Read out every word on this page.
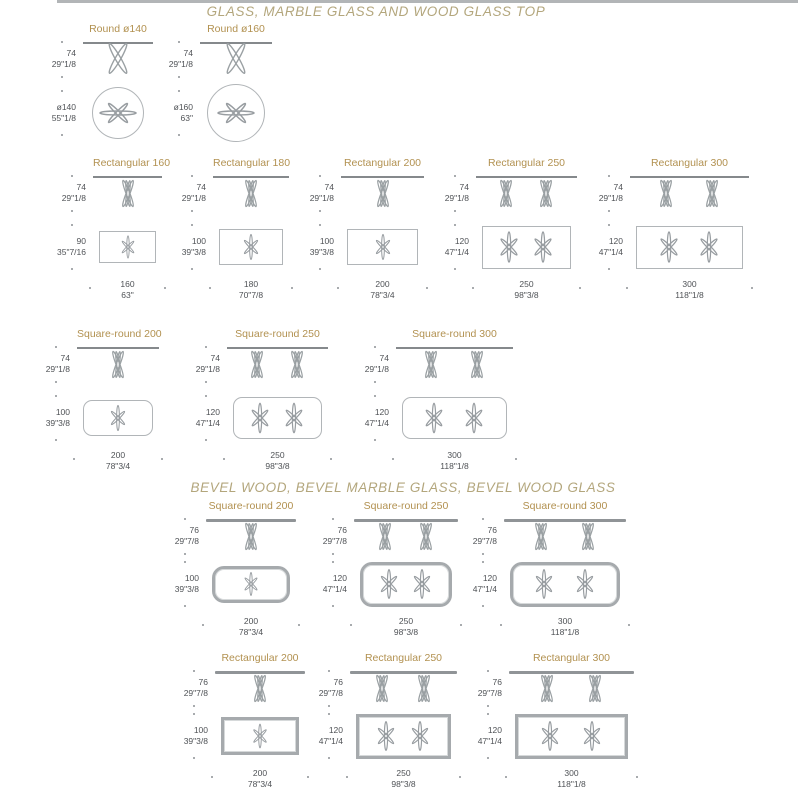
GLASS, MARBLE GLASS AND WOOD GLASS TOP
Round ø140
74
29"1/8
ø140
55"1/8
Round ø160
74
29"1/8
ø160
63"
Rectangular 160
74
29"1/8
90
35"7/16
160
63"
Rectangular 180
74
29"1/8
100
39"3/8
180
70"7/8
Rectangular 200
74
29"1/8
100
39"3/8
200
78"3/4
Rectangular 250
74
29"1/8
120
47"1/4
250
98"3/8
Rectangular 300
74
29"1/8
120
47"1/4
300
118"1/8
Square-round 200
74
29"1/8
100
39"3/8
200
78"3/4
Square-round 250
74
29"1/8
120
47"1/4
250
98"3/8
Square-round 300
74
29"1/8
120
47"1/4
300
118"1/8
BEVEL WOOD, BEVEL MARBLE GLASS, BEVEL WOOD GLASS
Square-round 200
76
29"7/8
100
39"3/8
200
78"3/4
Square-round 250
76
29"7/8
120
47"1/4
250
98"3/8
Square-round 300
76
29"7/8
120
47"1/4
300
118"1/8
Rectangular 200
76
29"7/8
100
39"3/8
200
78"3/4
Rectangular 250
76
29"7/8
120
47"1/4
250
98"3/8
Rectangular 300
76
29"7/8
120
47"1/4
300
118"1/8
